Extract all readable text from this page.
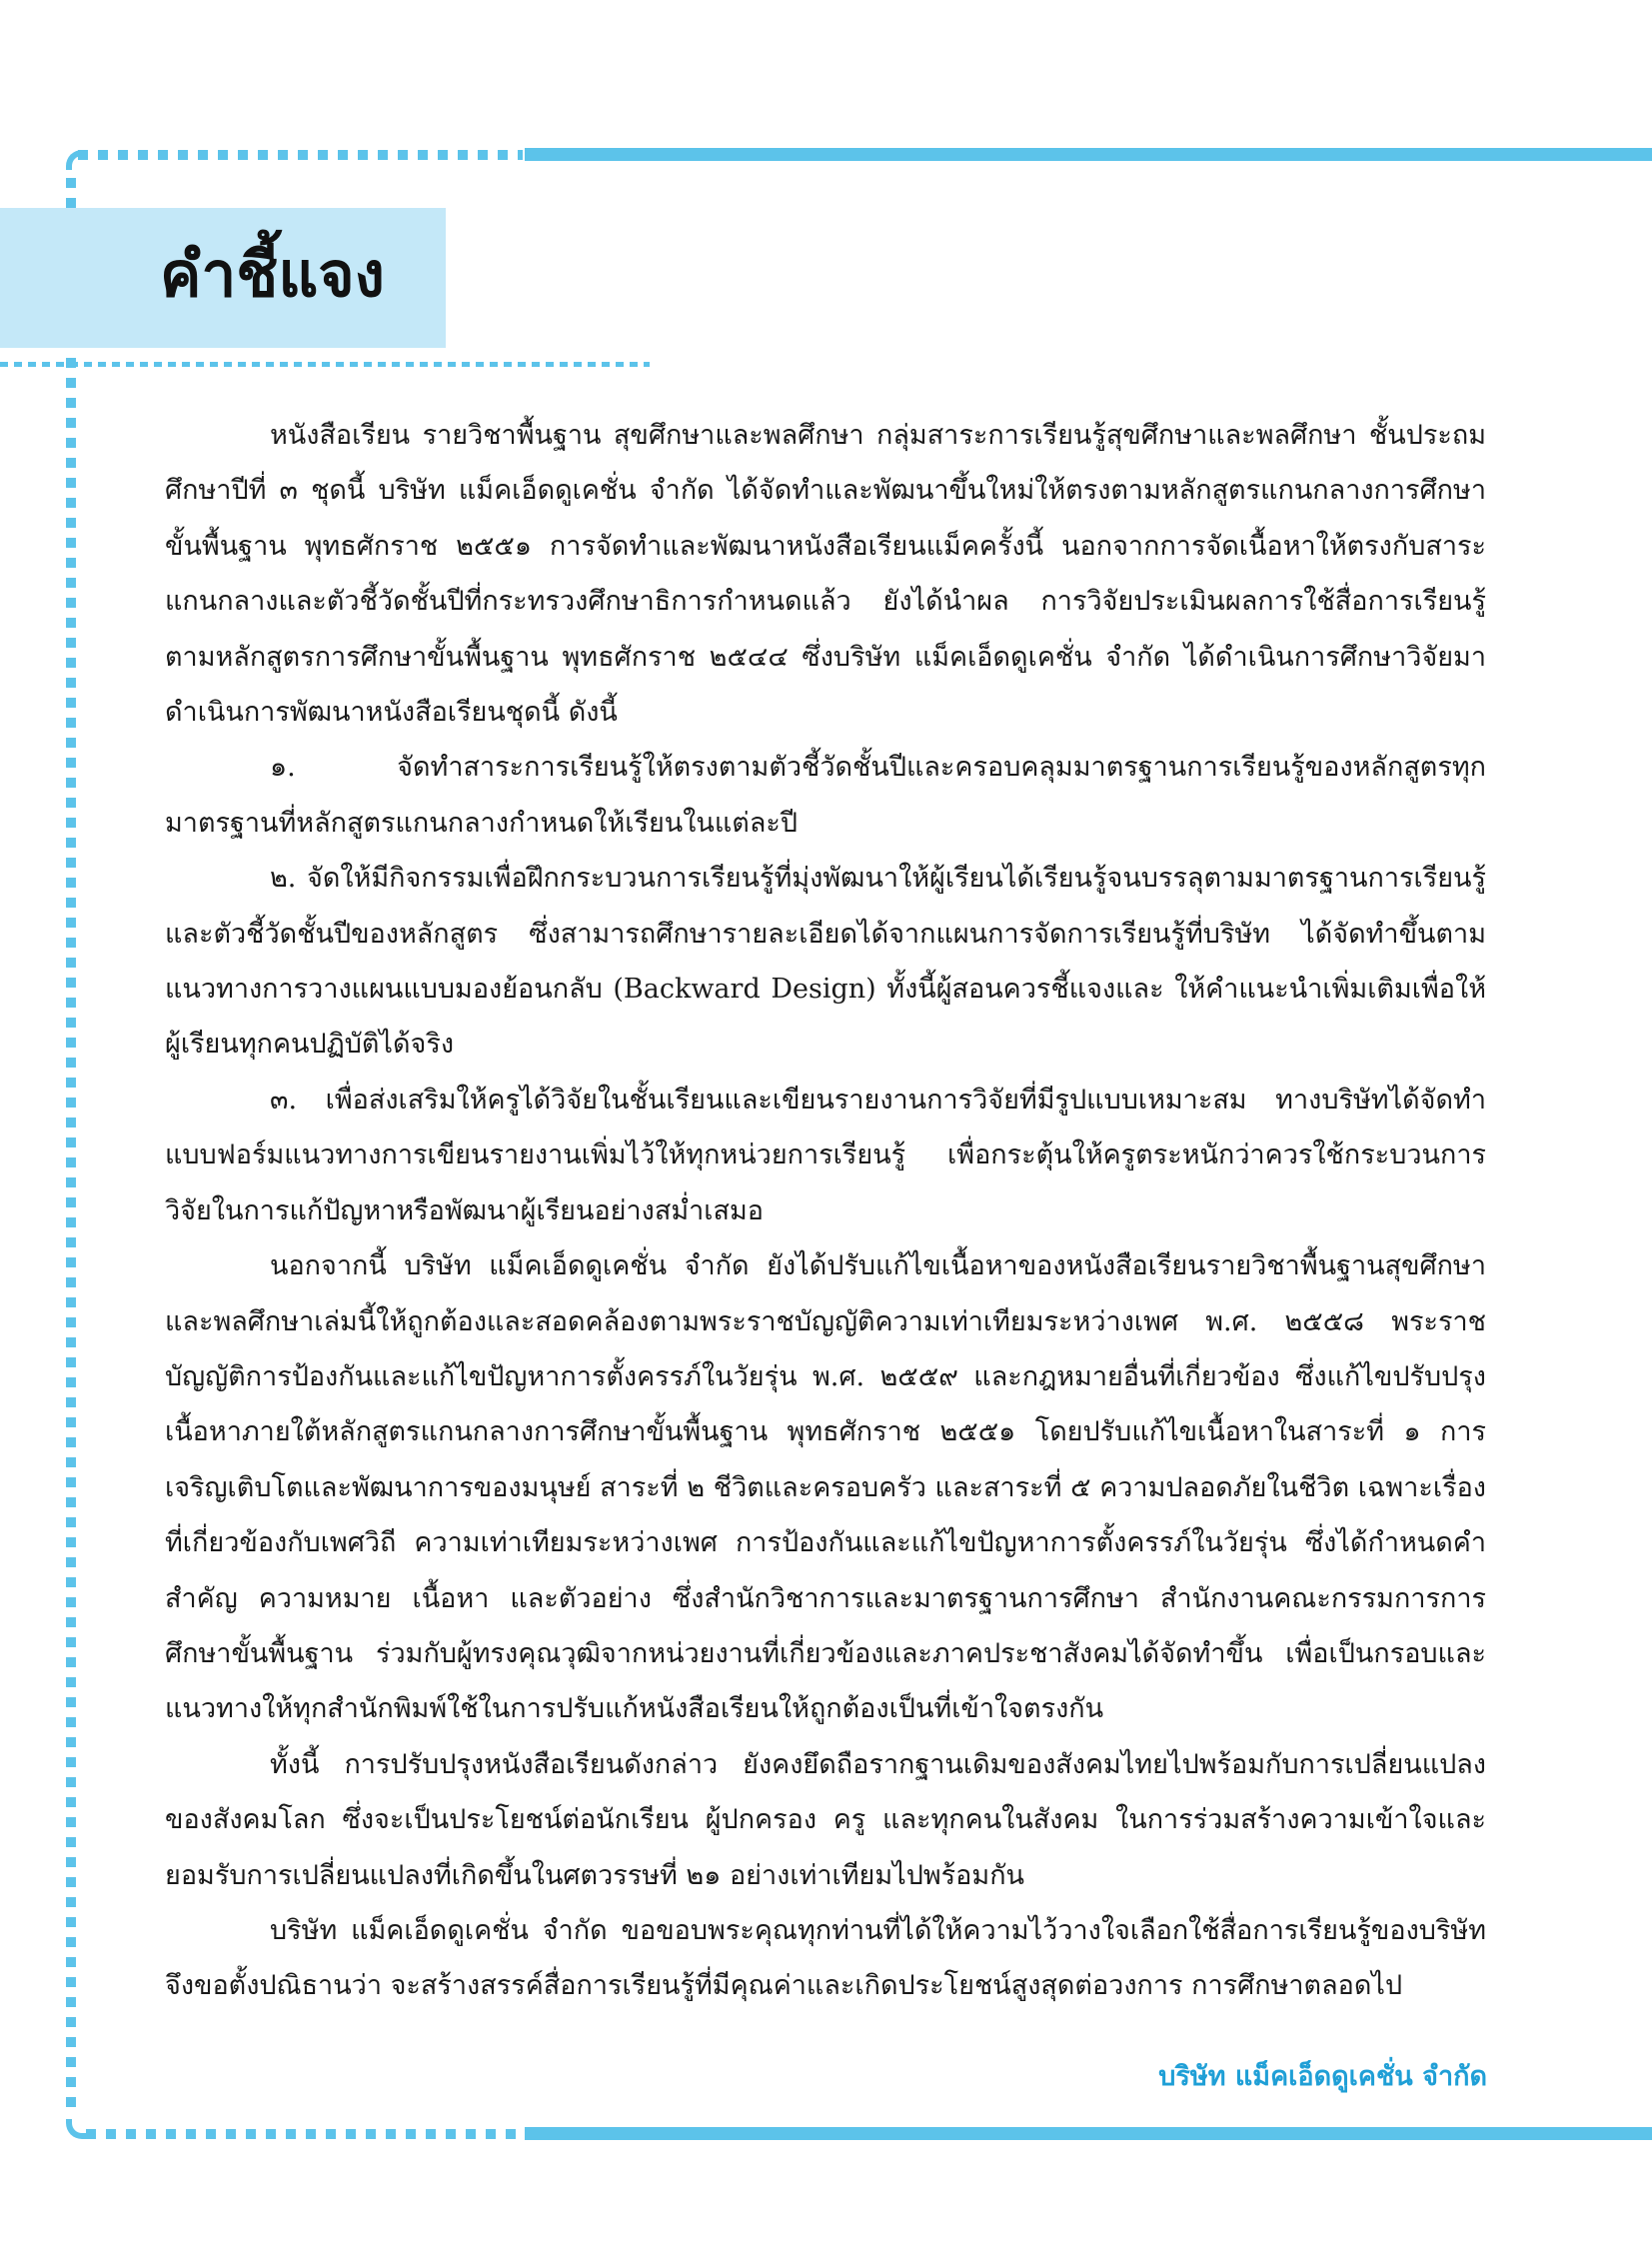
คำชี้แจง

หนังสือเรียน รายวิชาพื้นฐาน สุขศึกษาและพลศึกษา กลุ่มสาระการเรียนรู้สุขศึกษาและพลศึกษา ชั้นประถมศึกษาปีที่ ๓ ชุดนี้ บริษัท แม็คเอ็ดดูเคชั่น จำกัด ได้จัดทำและพัฒนาขึ้นใหม่ให้ตรงตามหลักสูตรแกนกลางการศึกษาขั้นพื้นฐาน พุทธศักราช ๒๕๕๑ การจัดทำและพัฒนาหนังสือเรียนแม็คครั้งนี้ นอกจากการจัดเนื้อหาให้ตรงกับสาระแกนกลางและตัวชี้วัดชั้นปีที่กระทรวงศึกษาธิการกำหนดแล้ว ยังได้นำผล การวิจัยประเมินผลการใช้สื่อการเรียนรู้ตามหลักสูตรการศึกษาขั้นพื้นฐาน พุทธศักราช ๒๕๔๔ ซึ่งบริษัท แม็คเอ็ดดูเคชั่น จำกัด ได้ดำเนินการศึกษาวิจัยมาดำเนินการพัฒนาหนังสือเรียนชุดนี้ ดังนี้

๑. จัดทำสาระการเรียนรู้ให้ตรงตามตัวชี้วัดชั้นปีและครอบคลุมมาตรฐานการเรียนรู้ของหลักสูตรทุกมาตรฐานที่หลักสูตรแกนกลางกำหนดให้เรียนในแต่ละปี

๒. จัดให้มีกิจกรรมเพื่อฝึกกระบวนการเรียนรู้ที่มุ่งพัฒนาให้ผู้เรียนได้เรียนรู้จนบรรลุตามมาตรฐานการเรียนรู้และตัวชี้วัดชั้นปีของหลักสูตร ซึ่งสามารถศึกษารายละเอียดได้จากแผนการจัดการเรียนรู้ที่บริษัท ได้จัดทำขึ้นตามแนวทางการวางแผนแบบมองย้อนกลับ (Backward Design) ทั้งนี้ผู้สอนควรชี้แจงและ ให้คำแนะนำเพิ่มเติมเพื่อให้ผู้เรียนทุกคนปฏิบัติได้จริง

๓. เพื่อส่งเสริมให้ครูได้วิจัยในชั้นเรียนและเขียนรายงานการวิจัยที่มีรูปแบบเหมาะสม ทางบริษัทได้จัดทำแบบฟอร์มแนวทางการเขียนรายงานเพิ่มไว้ให้ทุกหน่วยการเรียนรู้ เพื่อกระตุ้นให้ครูตระหนักว่าควรใช้กระบวนการวิจัยในการแก้ปัญหาหรือพัฒนาผู้เรียนอย่างสม่ำเสมอ

นอกจากนี้ บริษัท แม็คเอ็ดดูเคชั่น จำกัด ยังได้ปรับแก้ไขเนื้อหาของหนังสือเรียนรายวิชาพื้นฐานสุขศึกษาและพลศึกษาเล่มนี้ให้ถูกต้องและสอดคล้องตามพระราชบัญญัติความเท่าเทียมระหว่างเพศ พ.ศ. ๒๕๕๘ พระราชบัญญัติการป้องกันและแก้ไขปัญหาการตั้งครรภ์ในวัยรุ่น พ.ศ. ๒๕๕๙ และกฎหมายอื่นที่เกี่ยวข้อง ซึ่งแก้ไขปรับปรุงเนื้อหาภายใต้หลักสูตรแกนกลางการศึกษาขั้นพื้นฐาน พุทธศักราช ๒๕๕๑ โดยปรับแก้ไขเนื้อหาในสาระที่ ๑ การเจริญเติบโตและพัฒนาการของมนุษย์ สาระที่ ๒ ชีวิตและครอบครัว และสาระที่ ๕ ความปลอดภัยในชีวิต เฉพาะเรื่องที่เกี่ยวข้องกับเพศวิถี ความเท่าเทียมระหว่างเพศ การป้องกันและแก้ไขปัญหาการตั้งครรภ์ในวัยรุ่น ซึ่งได้กำหนดคำสำคัญ ความหมาย เนื้อหา และตัวอย่าง ซึ่งสำนักวิชาการและมาตรฐานการศึกษา สำนักงานคณะกรรมการการศึกษาขั้นพื้นฐาน ร่วมกับผู้ทรงคุณวุฒิจากหน่วยงานที่เกี่ยวข้องและภาคประชาสังคมได้จัดทำขึ้น เพื่อเป็นกรอบและแนวทางให้ทุกสำนักพิมพ์ใช้ในการปรับแก้หนังสือเรียนให้ถูกต้องเป็นที่เข้าใจตรงกัน

ทั้งนี้ การปรับปรุงหนังสือเรียนดังกล่าว ยังคงยึดถือรากฐานเดิมของสังคมไทยไปพร้อมกับการเปลี่ยนแปลงของสังคมโลก ซึ่งจะเป็นประโยชน์ต่อนักเรียน ผู้ปกครอง ครู และทุกคนในสังคม ในการร่วมสร้างความเข้าใจและยอมรับการเปลี่ยนแปลงที่เกิดขึ้นในศตวรรษที่ ๒๑ อย่างเท่าเทียมไปพร้อมกัน

บริษัท แม็คเอ็ดดูเคชั่น จำกัด ขอขอบพระคุณทุกท่านที่ได้ให้ความไว้วางใจเลือกใช้สื่อการเรียนรู้ของบริษัท จึงขอตั้งปณิธานว่า จะสร้างสรรค์สื่อการเรียนรู้ที่มีคุณค่าและเกิดประโยชน์สูงสุดต่อวงการ การศึกษาตลอดไป

บริษัท แม็คเอ็ดดูเคชั่น จำกัด
